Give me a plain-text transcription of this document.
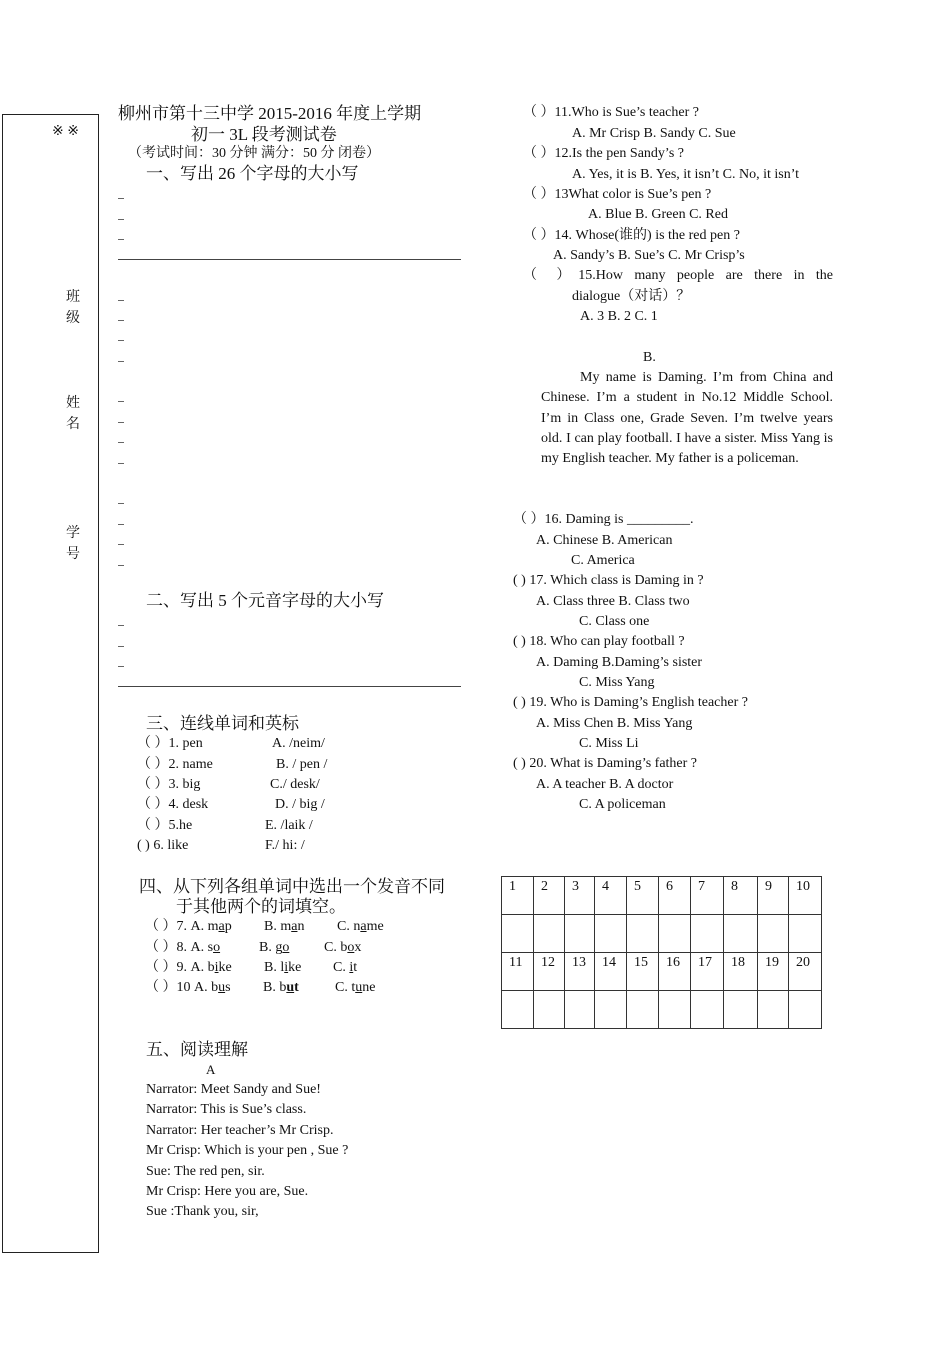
※ ※
班
级
姓
名
学
号
柳州市第十三中学 2015-2016 年度上学期
初一 3L 段考测试卷
（考试时间：30 分钟 满分：50 分 闭卷）
一、写出 26 个字母的大小写
二、写出 5 个元音字母的大小写
三、连线单词和英标
（ ）1. pen	A. /neim/
（ ）2. name	B. / pen /
（ ）3. big	C./ desk/
（ ）4. desk	D. / big /
（ ）5.he	E. /laik /
( ) 6. like	F./ hi: /
四、从下列各组单词中选出一个发音不同
于其他两个的词填空。
（ ）7. A. map B. man C. name
（ ）8. A. so	B. go C. box
（ ）9. A. bike B. like C. it
（ ）10 A. bus B. but	C. tune
五、阅读理解
A
Narrator: Meet Sandy and Sue!
Narrator: This is Sue’s class.
Narrator: Her teacher’s Mr Crisp.
Mr Crisp: Which is your pen , Sue ?
Sue: The red pen, sir.
Mr Crisp: Here you are, Sue.
Sue :Thank you, sir,
（ ）11.Who is Sue’s teacher ?
A. Mr Crisp B. Sandy C. Sue
（ ）12.Is the pen Sandy’s ?
A. Yes, it is B. Yes, it isn’t C. No, it isn’t
（ ）13What color is Sue’s pen ?
A. Blue B. Green C. Red
（ ）14. Whose(谁的) is the red pen ?
A. Sandy’s B. Sue’s C. Mr Crisp’s
（ ）15.How many people are there in the
dialogue（对话）？
A. 3 B. 2 C. 1
B.
My name is Daming. I’m from China and Chinese. I’m a student in No.12 Middle School. I’m in Class one, Grade Seven. I’m twelve years old. I can play football. I have a sister. Miss Yang is my English teacher. My father is a policeman.
（ ）16. Daming is _________.
A. Chinese B. American
C. America
( ) 17. Which class is Daming in ?
A. Class three B. Class two
C. Class one
( ) 18. Who can play football ?
A. Daming B.Daming’s sister
C. Miss Yang
( ) 19. Who is Daming’s English teacher ?
A. Miss Chen B. Miss Yang
C. Miss Li
( ) 20. What is Daming’s father ?
A. A teacher B. A doctor
C. A policeman
1	2	3	4	5	6	7	8	9	10

11	12	13	14	15	16	17	18	19	20
